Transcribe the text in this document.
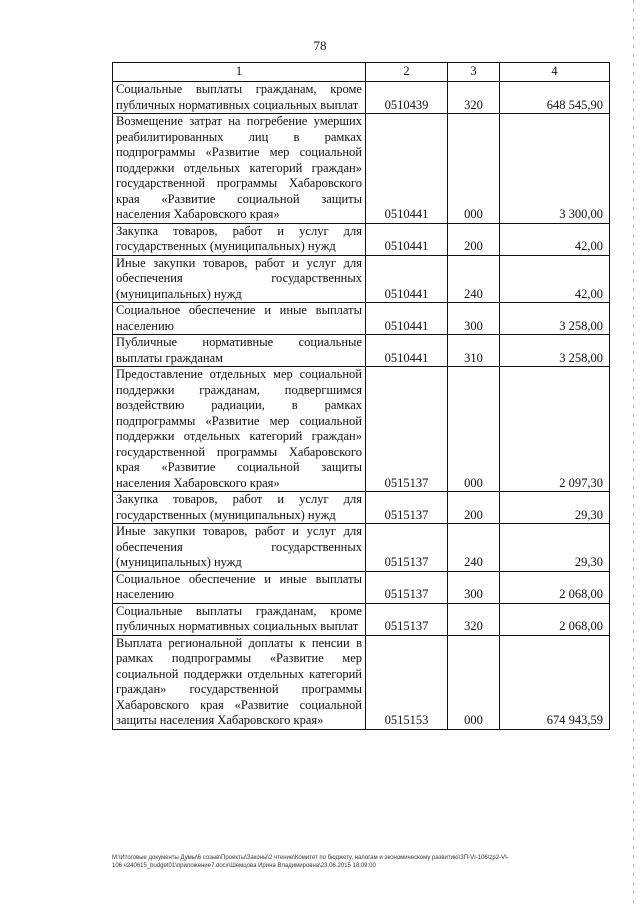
78
1	2	3	4
Социальные выплаты гражданам, кроме публичных нормативных социальных выплат	0510439	320	648 545,90
Возмещение затрат на погребение умерших реабилитированных лиц в рамках подпрограммы «Развитие мер социальной поддержки отдельных категорий граждан» государственной программы Хабаровского края «Развитие социальной защиты населения Хабаровского края»	0510441	000	3 300,00
Закупка товаров, работ и услуг для государственных (муниципальных) нужд	0510441	200	42,00
Иные закупки товаров, работ и услуг для обеспечения государственных (муниципальных) нужд	0510441	240	42,00
Социальное обеспечение и иные выплаты населению	0510441	300	3 258,00
Публичные нормативные социальные выплаты гражданам	0510441	310	3 258,00
Предоставление отдельных мер социальной поддержки гражданам, подвергшимся воздействию радиации, в рамках подпрограммы «Развитие мер социальной поддержки отдельных категорий граждан» государственной программы Хабаровского края «Развитие социальной защиты населения Хабаровского края»	0515137	000	2 097,30
Закупка товаров, работ и услуг для государственных (муниципальных) нужд	0515137	200	29,30
Иные закупки товаров, работ и услуг для обеспечения государственных (муниципальных) нужд	0515137	240	29,30
Социальное обеспечение и иные выплаты населению	0515137	300	2 068,00
Социальные выплаты гражданам, кроме публичных нормативных социальных выплат	0515137	320	2 068,00
Выплата региональной доплаты к пенсии в рамках подпрограммы «Развитие мер социальной поддержки отдельных категорий граждан» государственной программы Хабаровского края «Развитие социальной защиты населения Хабаровского края»	0515153	000	674 943,59
M:\Итоговые документы Думы\6 созыв\Проекты\Законы\2 чтение\Комитет по бюджету, налогам и экономическому развитию\ЗП-VI-106\zp2-VI-
106 ч240615_budget01\приложение7.docx\Шемцова Ирина Владимировна\23.06.2015 18:09:00
